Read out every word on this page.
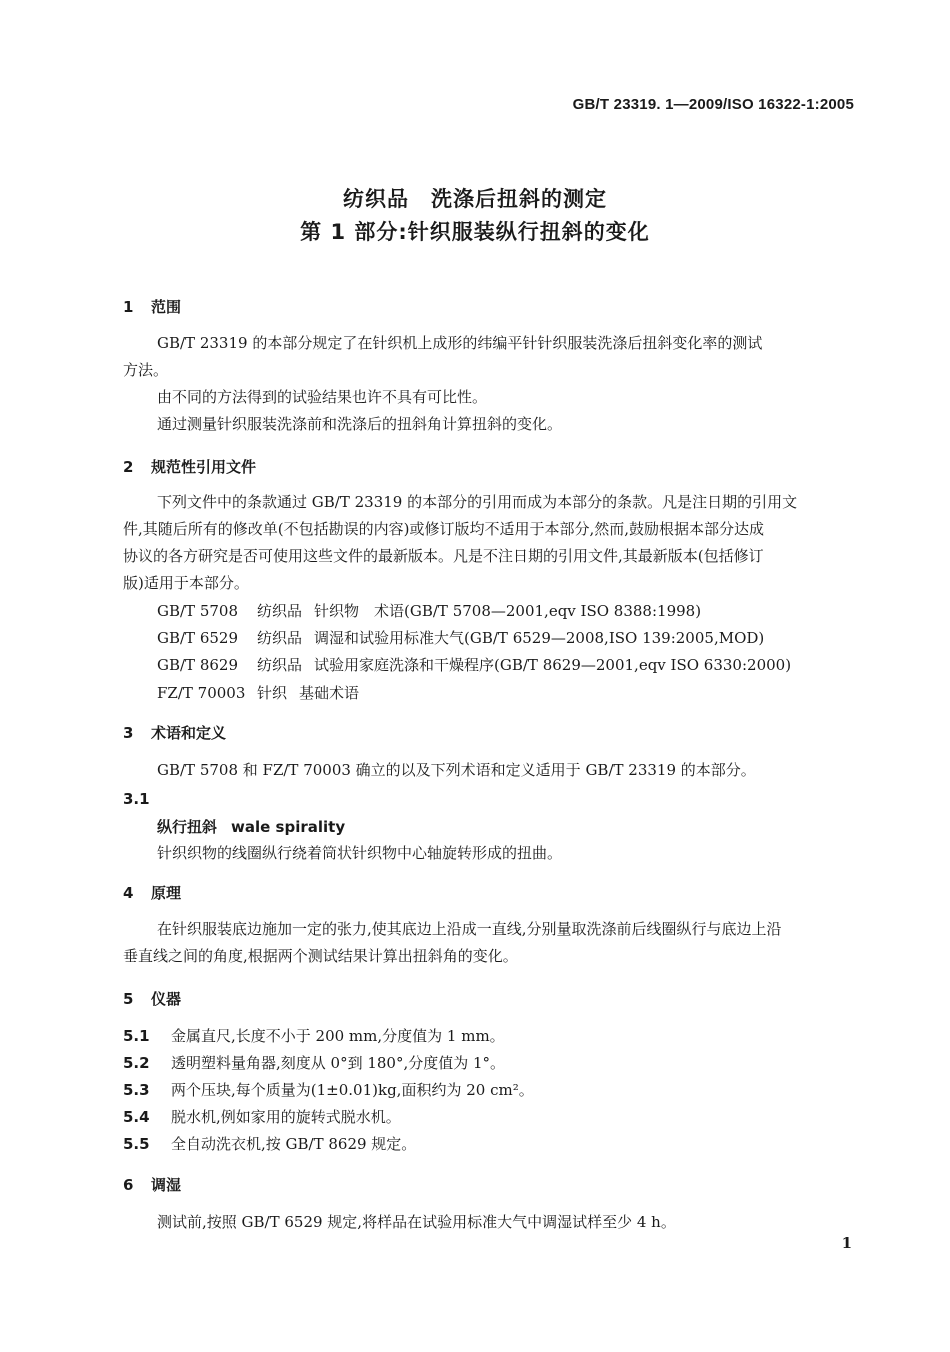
GB/T 23319. 1—2009/ISO 16322-1:2005
纺织品　洗涤后扭斜的测定
第 1 部分:针织服装纵行扭斜的变化
1 范围
GB/T 23319 的本部分规定了在针织机上成形的纬编平针针织服装洗涤后扭斜变化率的测试
方法。
由不同的方法得到的试验结果也许不具有可比性。
通过测量针织服装洗涤前和洗涤后的扭斜角计算扭斜的变化。
2 规范性引用文件
下列文件中的条款通过 GB/T 23319 的本部分的引用而成为本部分的条款。凡是注日期的引用文
件,其随后所有的修改单(不包括勘误的内容)或修订版均不适用于本部分,然而,鼓励根据本部分达成
协议的各方研究是否可使用这些文件的最新版本。凡是不注日期的引用文件,其最新版本(包括修订
版)适用于本部分。
GB/T 5708 纺织品 针织物　术语(GB/T 5708—2001,eqv ISO 8388:1998)
GB/T 6529 纺织品 调湿和试验用标准大气(GB/T 6529—2008,ISO 139:2005,MOD)
GB/T 8629 纺织品 试验用家庭洗涤和干燥程序(GB/T 8629—2001,eqv ISO 6330:2000)
FZ/T 70003 针织 基础术语
3 术语和定义
GB/T 5708 和 FZ/T 70003 确立的以及下列术语和定义适用于 GB/T 23319 的本部分。
3.1
纵行扭斜 wale spirality
针织织物的线圈纵行绕着筒状针织物中心轴旋转形成的扭曲。
4 原理
在针织服装底边施加一定的张力,使其底边上沿成一直线,分别量取洗涤前后线圈纵行与底边上沿
垂直线之间的角度,根据两个测试结果计算出扭斜角的变化。
5 仪器
5.1 金属直尺,长度不小于 200 mm,分度值为 1 mm。
5.2 透明塑料量角器,刻度从 0°到 180°,分度值为 1°。
5.3 两个压块,每个质量为(1±0.01)kg,面积约为 20 cm²。
5.4 脱水机,例如家用的旋转式脱水机。
5.5 全自动洗衣机,按 GB/T 8629 规定。
6 调湿
测试前,按照 GB/T 6529 规定,将样品在试验用标准大气中调湿试样至少 4 h。
1
